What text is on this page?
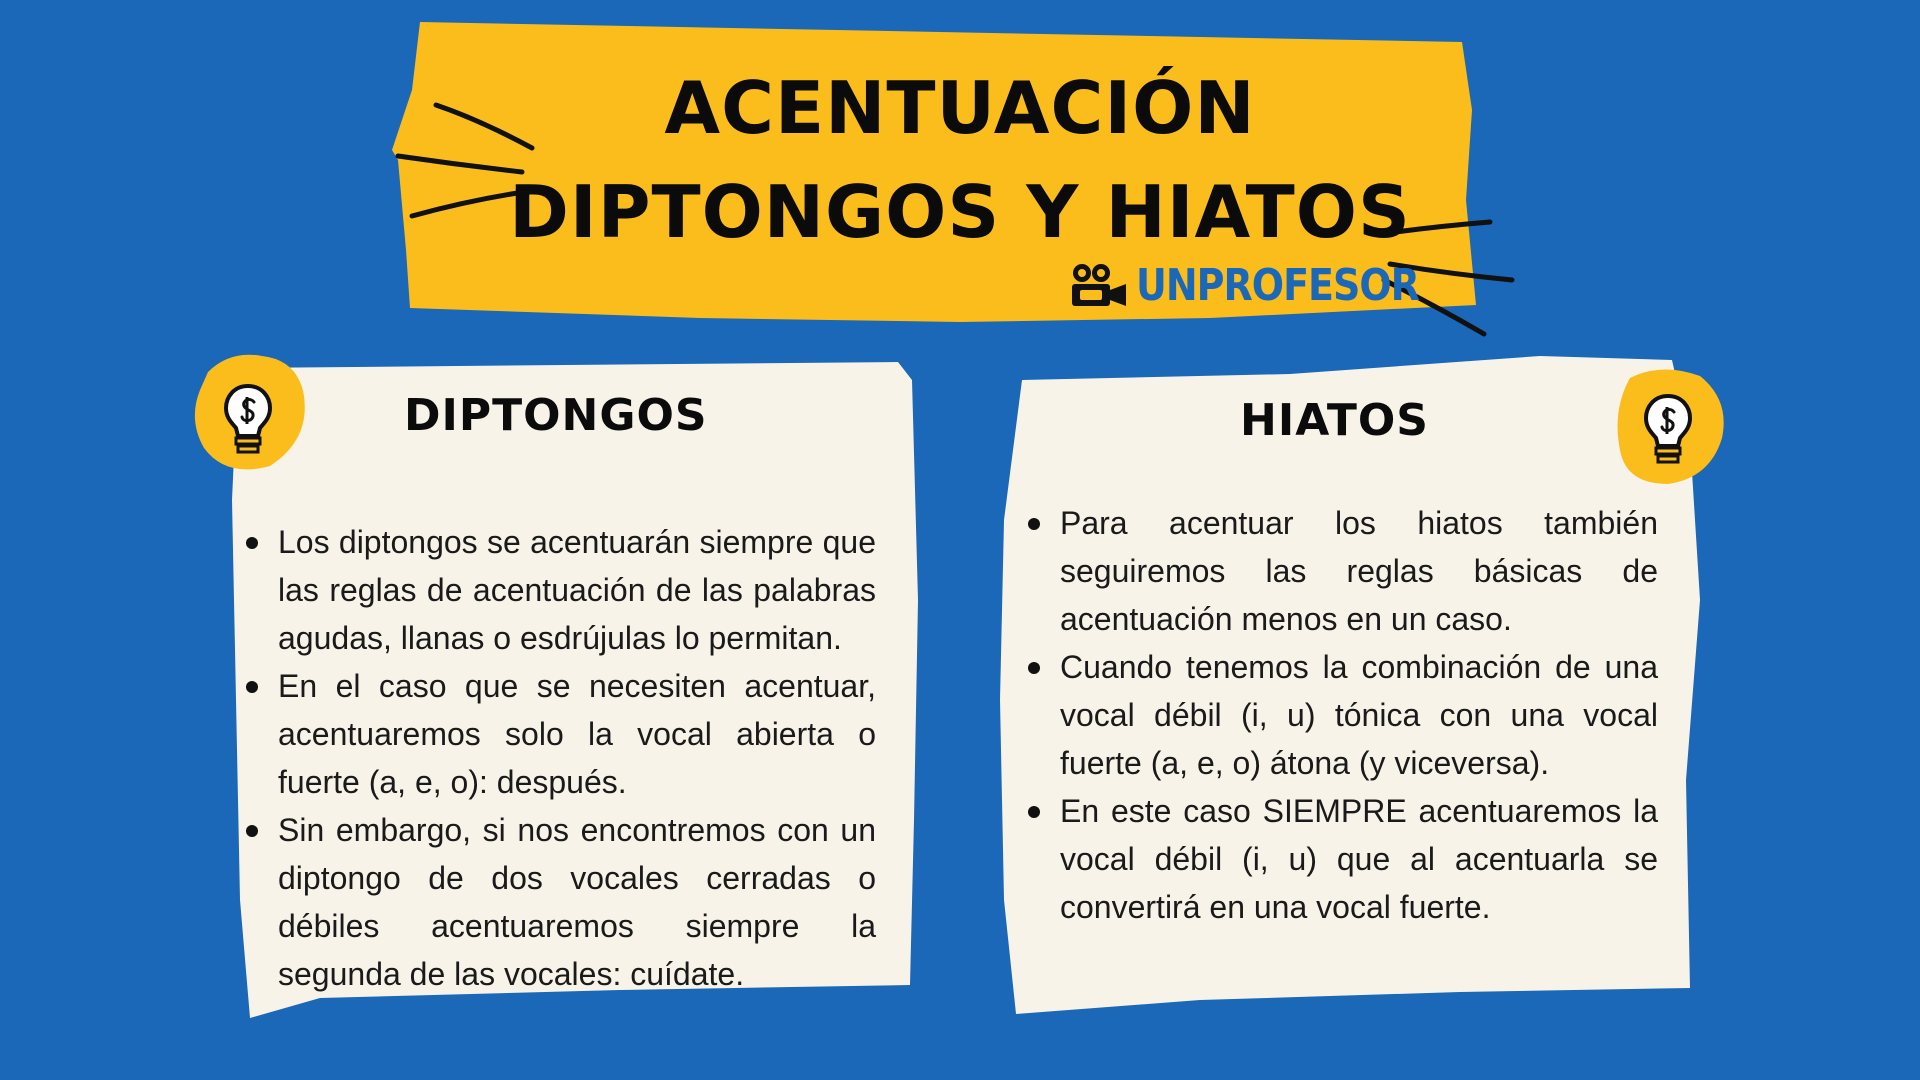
ACENTUACIÓN
DIPTONGOS Y HIATOS
UNPROFESOR
DIPTONGOS
Los diptongos se acentuarán siempre que las reglas de acentuación de las palabras agudas, llanas o esdrújulas lo permitan.
En el caso que se necesiten acentuar, acentuaremos solo la vocal abierta o fuerte (a, e, o): después.
Sin embargo, si nos encontremos con un diptongo de dos vocales cerradas o débiles acentuaremos siempre la segunda de las vocales: cuídate.
HIATOS
Para acentuar los hiatos también seguiremos las reglas básicas de acentuación menos en un caso.
Cuando tenemos la combinación de una vocal débil (i, u) tónica con una vocal fuerte (a, e, o) átona (y viceversa).
En este caso SIEMPRE acentuaremos la vocal débil (i, u) que al acentuarla se convertirá en una vocal fuerte.
